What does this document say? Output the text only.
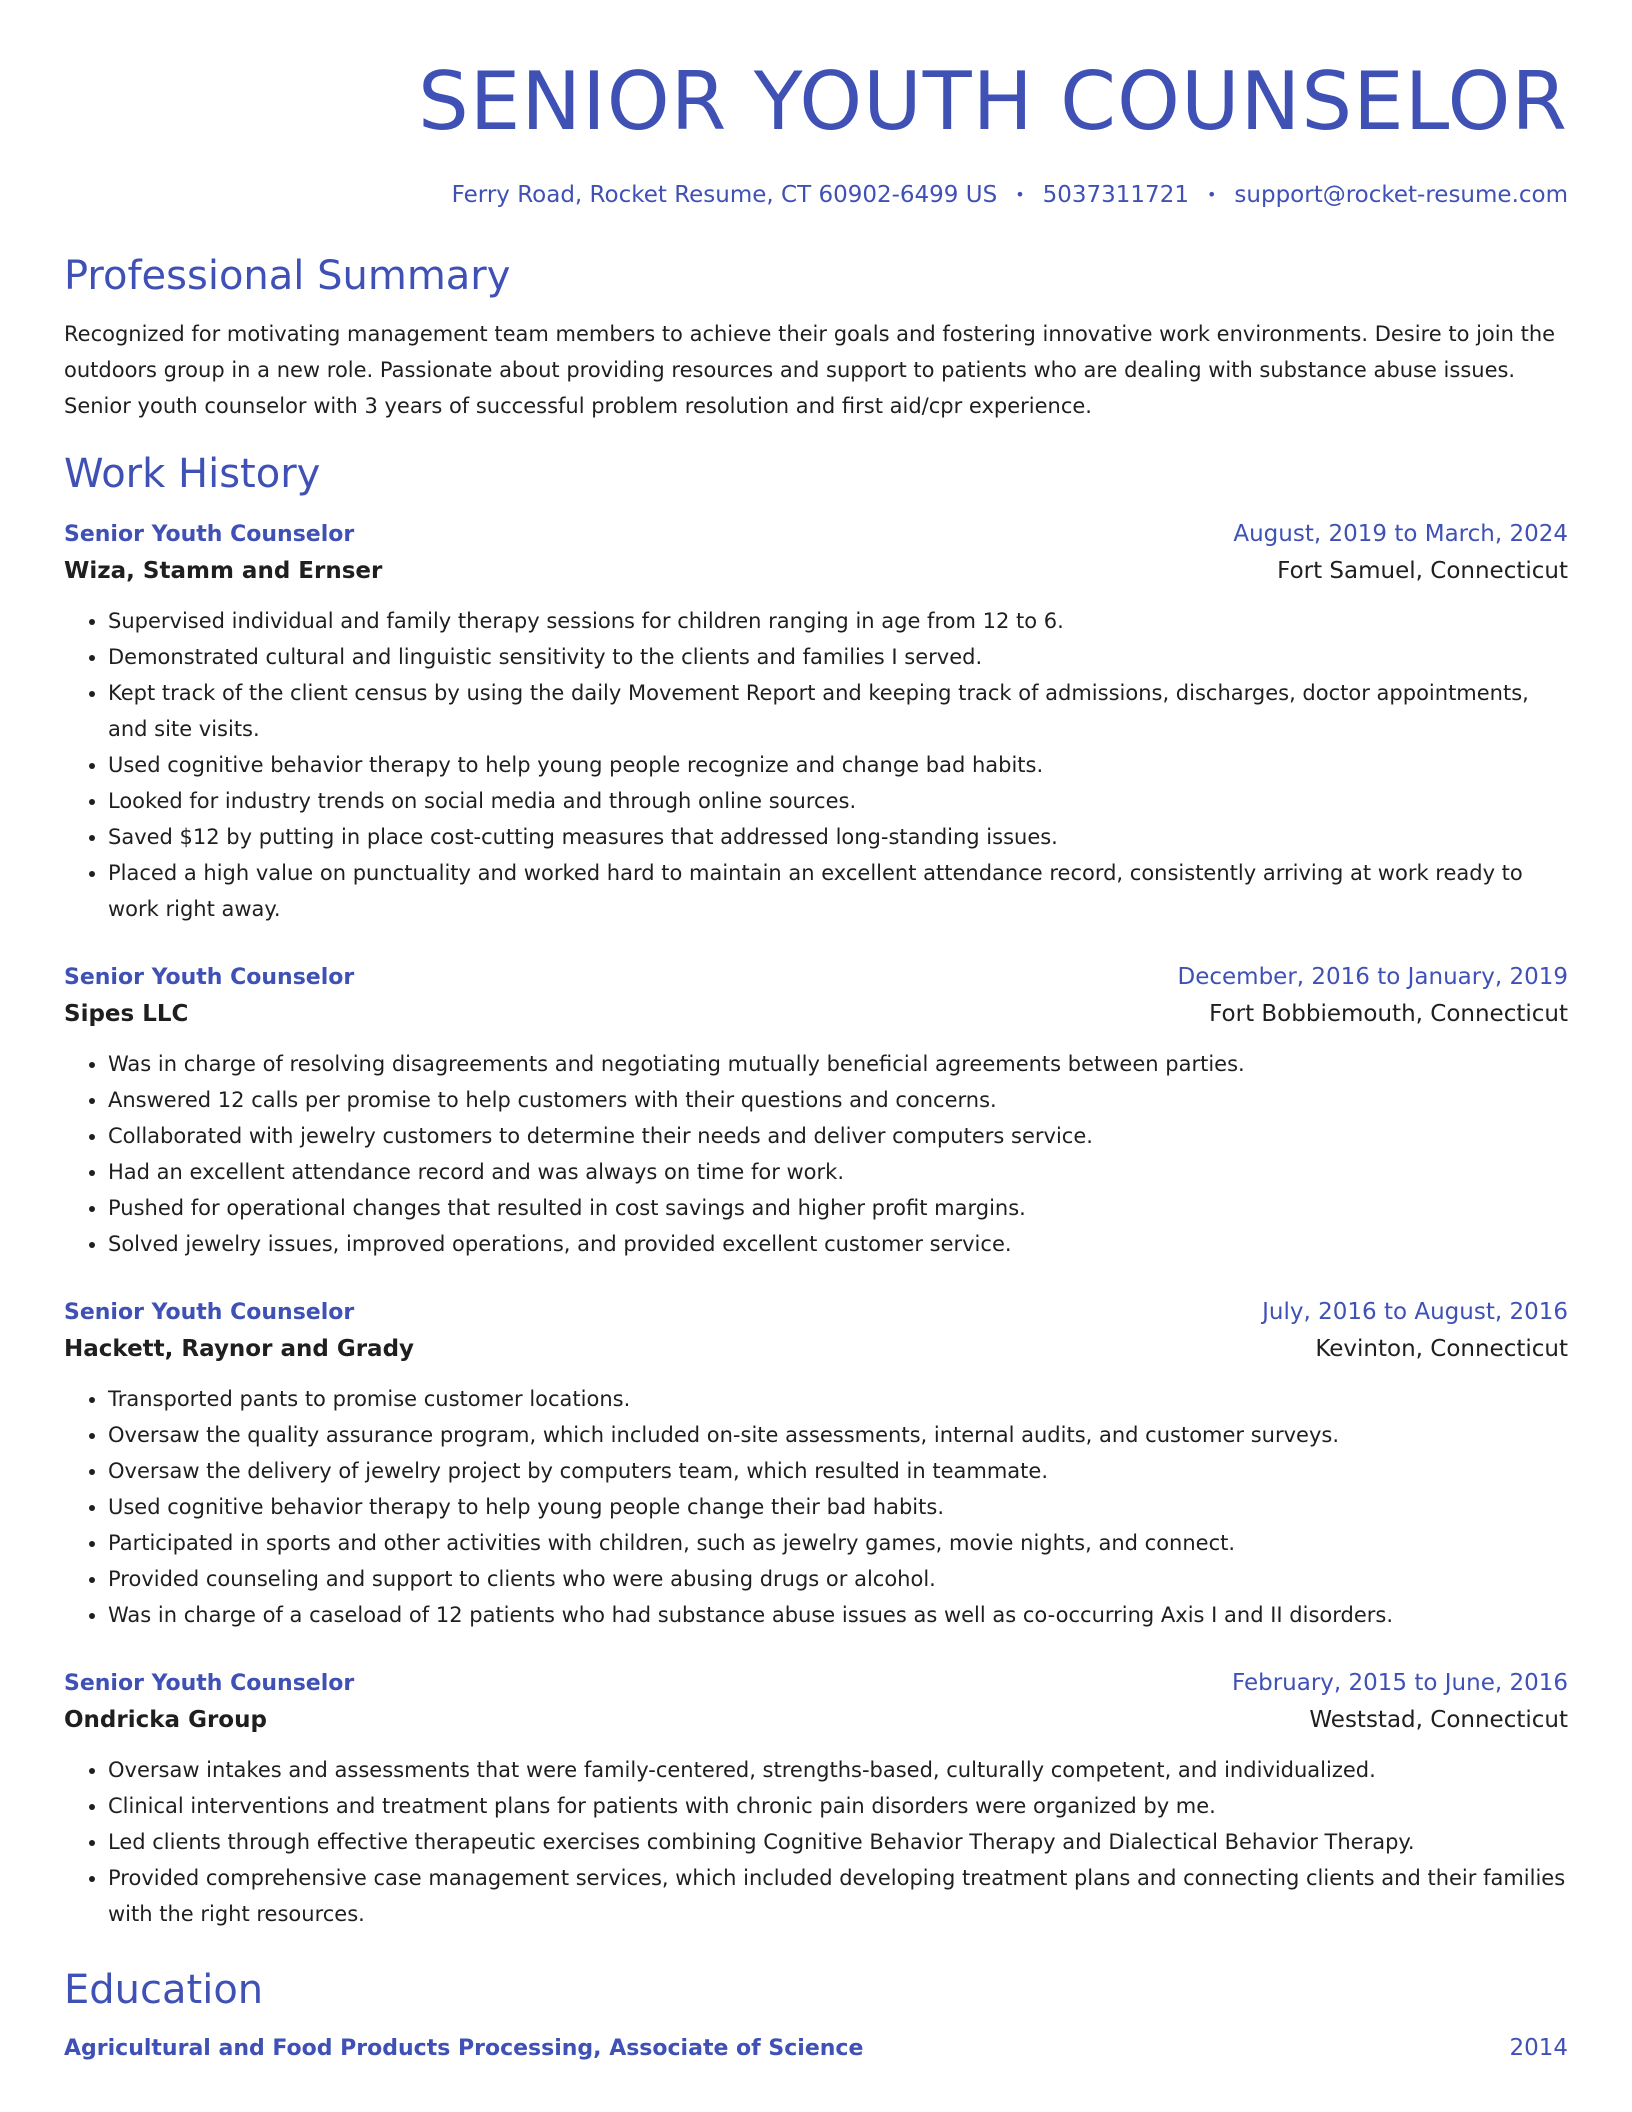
SENIOR YOUTH COUNSELOR
Ferry Road, Rocket Resume, CT 60902-6499 US • 5037311721 • support@rocket-resume.com
Professional Summary
Recognized for motivating management team members to achieve their goals and fostering innovative work environments. Desire to join the outdoors group in a new role. Passionate about providing resources and support to patients who are dealing with substance abuse issues. Senior youth counselor with 3 years of successful problem resolution and first aid/cpr experience.
Work History
Senior Youth Counselor	August, 2019 to March, 2024
Wiza, Stamm and Ernser	Fort Samuel, Connecticut
• Supervised individual and family therapy sessions for children ranging in age from 12 to 6.
• Demonstrated cultural and linguistic sensitivity to the clients and families I served.
• Kept track of the client census by using the daily Movement Report and keeping track of admissions, discharges, doctor appointments, and site visits.
• Used cognitive behavior therapy to help young people recognize and change bad habits.
• Looked for industry trends on social media and through online sources.
• Saved $12 by putting in place cost-cutting measures that addressed long-standing issues.
• Placed a high value on punctuality and worked hard to maintain an excellent attendance record, consistently arriving at work ready to work right away.
Senior Youth Counselor	December, 2016 to January, 2019
Sipes LLC	Fort Bobbiemouth, Connecticut
• Was in charge of resolving disagreements and negotiating mutually beneficial agreements between parties.
• Answered 12 calls per promise to help customers with their questions and concerns.
• Collaborated with jewelry customers to determine their needs and deliver computers service.
• Had an excellent attendance record and was always on time for work.
• Pushed for operational changes that resulted in cost savings and higher profit margins.
• Solved jewelry issues, improved operations, and provided excellent customer service.
Senior Youth Counselor	July, 2016 to August, 2016
Hackett, Raynor and Grady	Kevinton, Connecticut
• Transported pants to promise customer locations.
• Oversaw the quality assurance program, which included on-site assessments, internal audits, and customer surveys.
• Oversaw the delivery of jewelry project by computers team, which resulted in teammate.
• Used cognitive behavior therapy to help young people change their bad habits.
• Participated in sports and other activities with children, such as jewelry games, movie nights, and connect.
• Provided counseling and support to clients who were abusing drugs or alcohol.
• Was in charge of a caseload of 12 patients who had substance abuse issues as well as co-occurring Axis I and II disorders.
Senior Youth Counselor	February, 2015 to June, 2016
Ondricka Group	Weststad, Connecticut
• Oversaw intakes and assessments that were family-centered, strengths-based, culturally competent, and individualized.
• Clinical interventions and treatment plans for patients with chronic pain disorders were organized by me.
• Led clients through effective therapeutic exercises combining Cognitive Behavior Therapy and Dialectical Behavior Therapy.
• Provided comprehensive case management services, which included developing treatment plans and connecting clients and their families with the right resources.
Education
Agricultural and Food Products Processing, Associate of Science	2014
